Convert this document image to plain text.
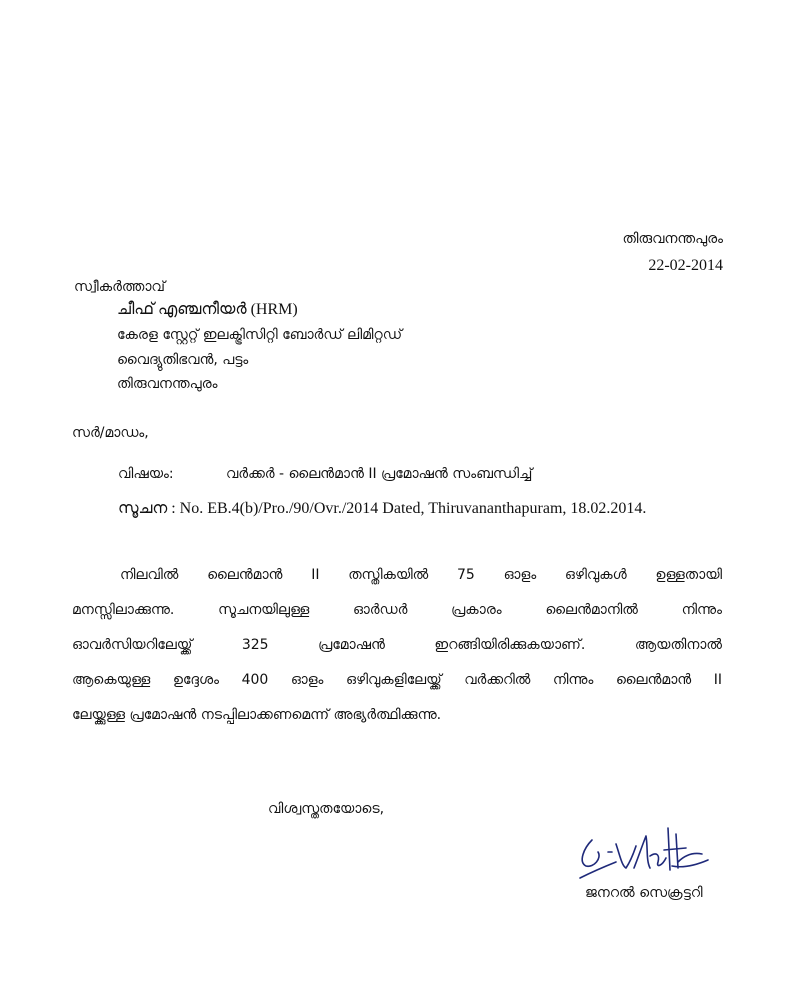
തിരുവനന്തപുരം
22-02-2014
സ്വീകർത്താവ്
ചീഫ് എഞ്ചനീയർ (HRM)
കേരള സ്റ്റേറ്റ് ഇലക്ട്രിസിറ്റി ബോർഡ് ലിമിറ്റഡ്
വൈദ്യുതിഭവൻ, പട്ടം
തിരുവനന്തപുരം
സർ/മാഡം,
വിഷയം:	വർക്കർ - ലൈൻമാൻ II പ്രമോഷൻ സംബന്ധിച്ച്
സൂചന : No. EB.4(b)/Pro./90/Ovr./2014 Dated, Thiruvananthapuram, 18.02.2014.
നിലവിൽ ലൈൻമാൻ II തസ്തികയിൽ 75 ഓളം ഒഴിവുകൾ ഉള്ളതായി
മനസ്സിലാക്കുന്നു. സൂചനയിലുള്ള ഓർഡർ പ്രകാരം ലൈൻമാനിൽ നിന്നും
ഓവർസിയറിലേയ്ക്ക് 325 പ്രമോഷൻ ഇറങ്ങിയിരിക്കുകയാണ്. ആയതിനാൽ
ആകെയുള്ള ഉദ്ദേശം 400 ഓളം ഒഴിവുകളിലേയ്ക്ക് വർക്കറിൽ നിന്നും ലൈൻമാൻ II
ലേയ്ക്കുള്ള പ്രമോഷൻ നടപ്പിലാക്കണമെന്ന് അഭ്യർത്ഥിക്കുന്നു.
വിശ്വസ്തതയോടെ,
ജനറൽ സെക്രട്ടറി
